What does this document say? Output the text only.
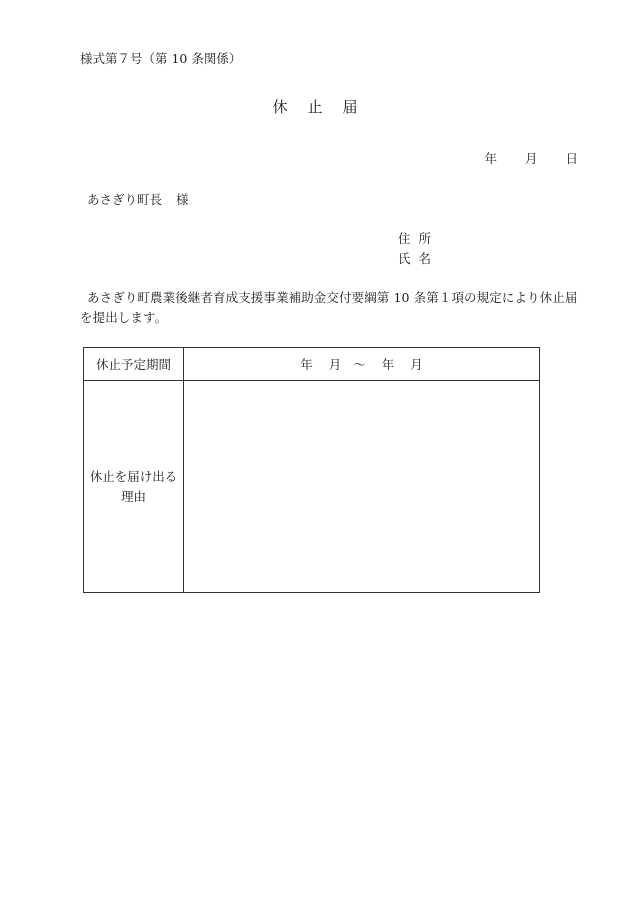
様式第７号（第 10 条関係）
休止届
年 月 日
あさぎり町長 様
住 所
氏 名
あさぎり町農業後継者育成支援事業補助金交付要綱第 10 条第１項の規定により休止届を提出します。
休止予定期間	年 月 ～ 年 月
休止を届け出る
理由	
